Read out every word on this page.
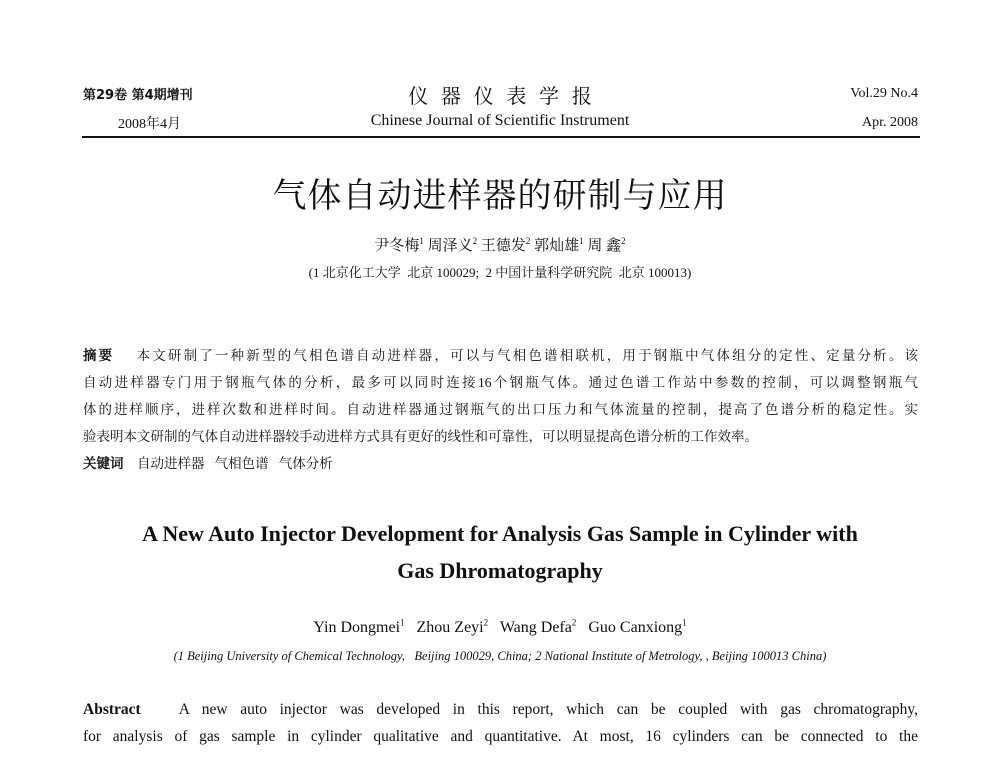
第29卷 第4期增刊
2008年4月
仪  器  仪  表  学  报
Chinese Journal of Scientific Instrument
Vol.29 No.4
Apr. 2008
气体自动进样器的研制与应用
尹冬梅$^1$ 周泽义$^2$ 王德发$^2$ 郭灿雄$^1$ 周 鑫$^2$
(1 北京化工大学  北京 100029;  2 中国计量科学研究院  北京 100013)
摘要 本文研制了一种新型的气相色谱自动进样器，可以与气相色谱相联机，用于钢瓶中气体组分的定性、定量分析。该
自动进样器专门用于钢瓶气体的分析，最多可以同时连接16个钢瓶气体。通过色谱工作站中参数的控制，可以调整钢瓶气
体的进样顺序，进样次数和进样时间。自动进样器通过钢瓶气的出口压力和气体流量的控制，提高了色谱分析的稳定性。实
验表明本文研制的气体自动进样器较手动进样方式具有更好的线性和可靠性，可以明显提高色谱分析的工作效率。
关键词 自动进样器   气相色谱   气体分析
A New Auto Injector Development for Analysis Gas Sample in Cylinder with
Gas Dhromatography
Yin Dongmei$^1$ Zhou Zeyi$^2$ Wang Defa$^2$ Guo Canxiong$^1$
(1 Beijing University of Chemical Technology,   Beijing 100029, China; 2 National Institute of Metrology, , Beijing 100013 China)
Abstract A new auto injector was developed in this report, which can be coupled with gas chromatography,
for analysis of gas sample in cylinder qualitative and quantitative. At most, 16 cylinders can be connected to the
